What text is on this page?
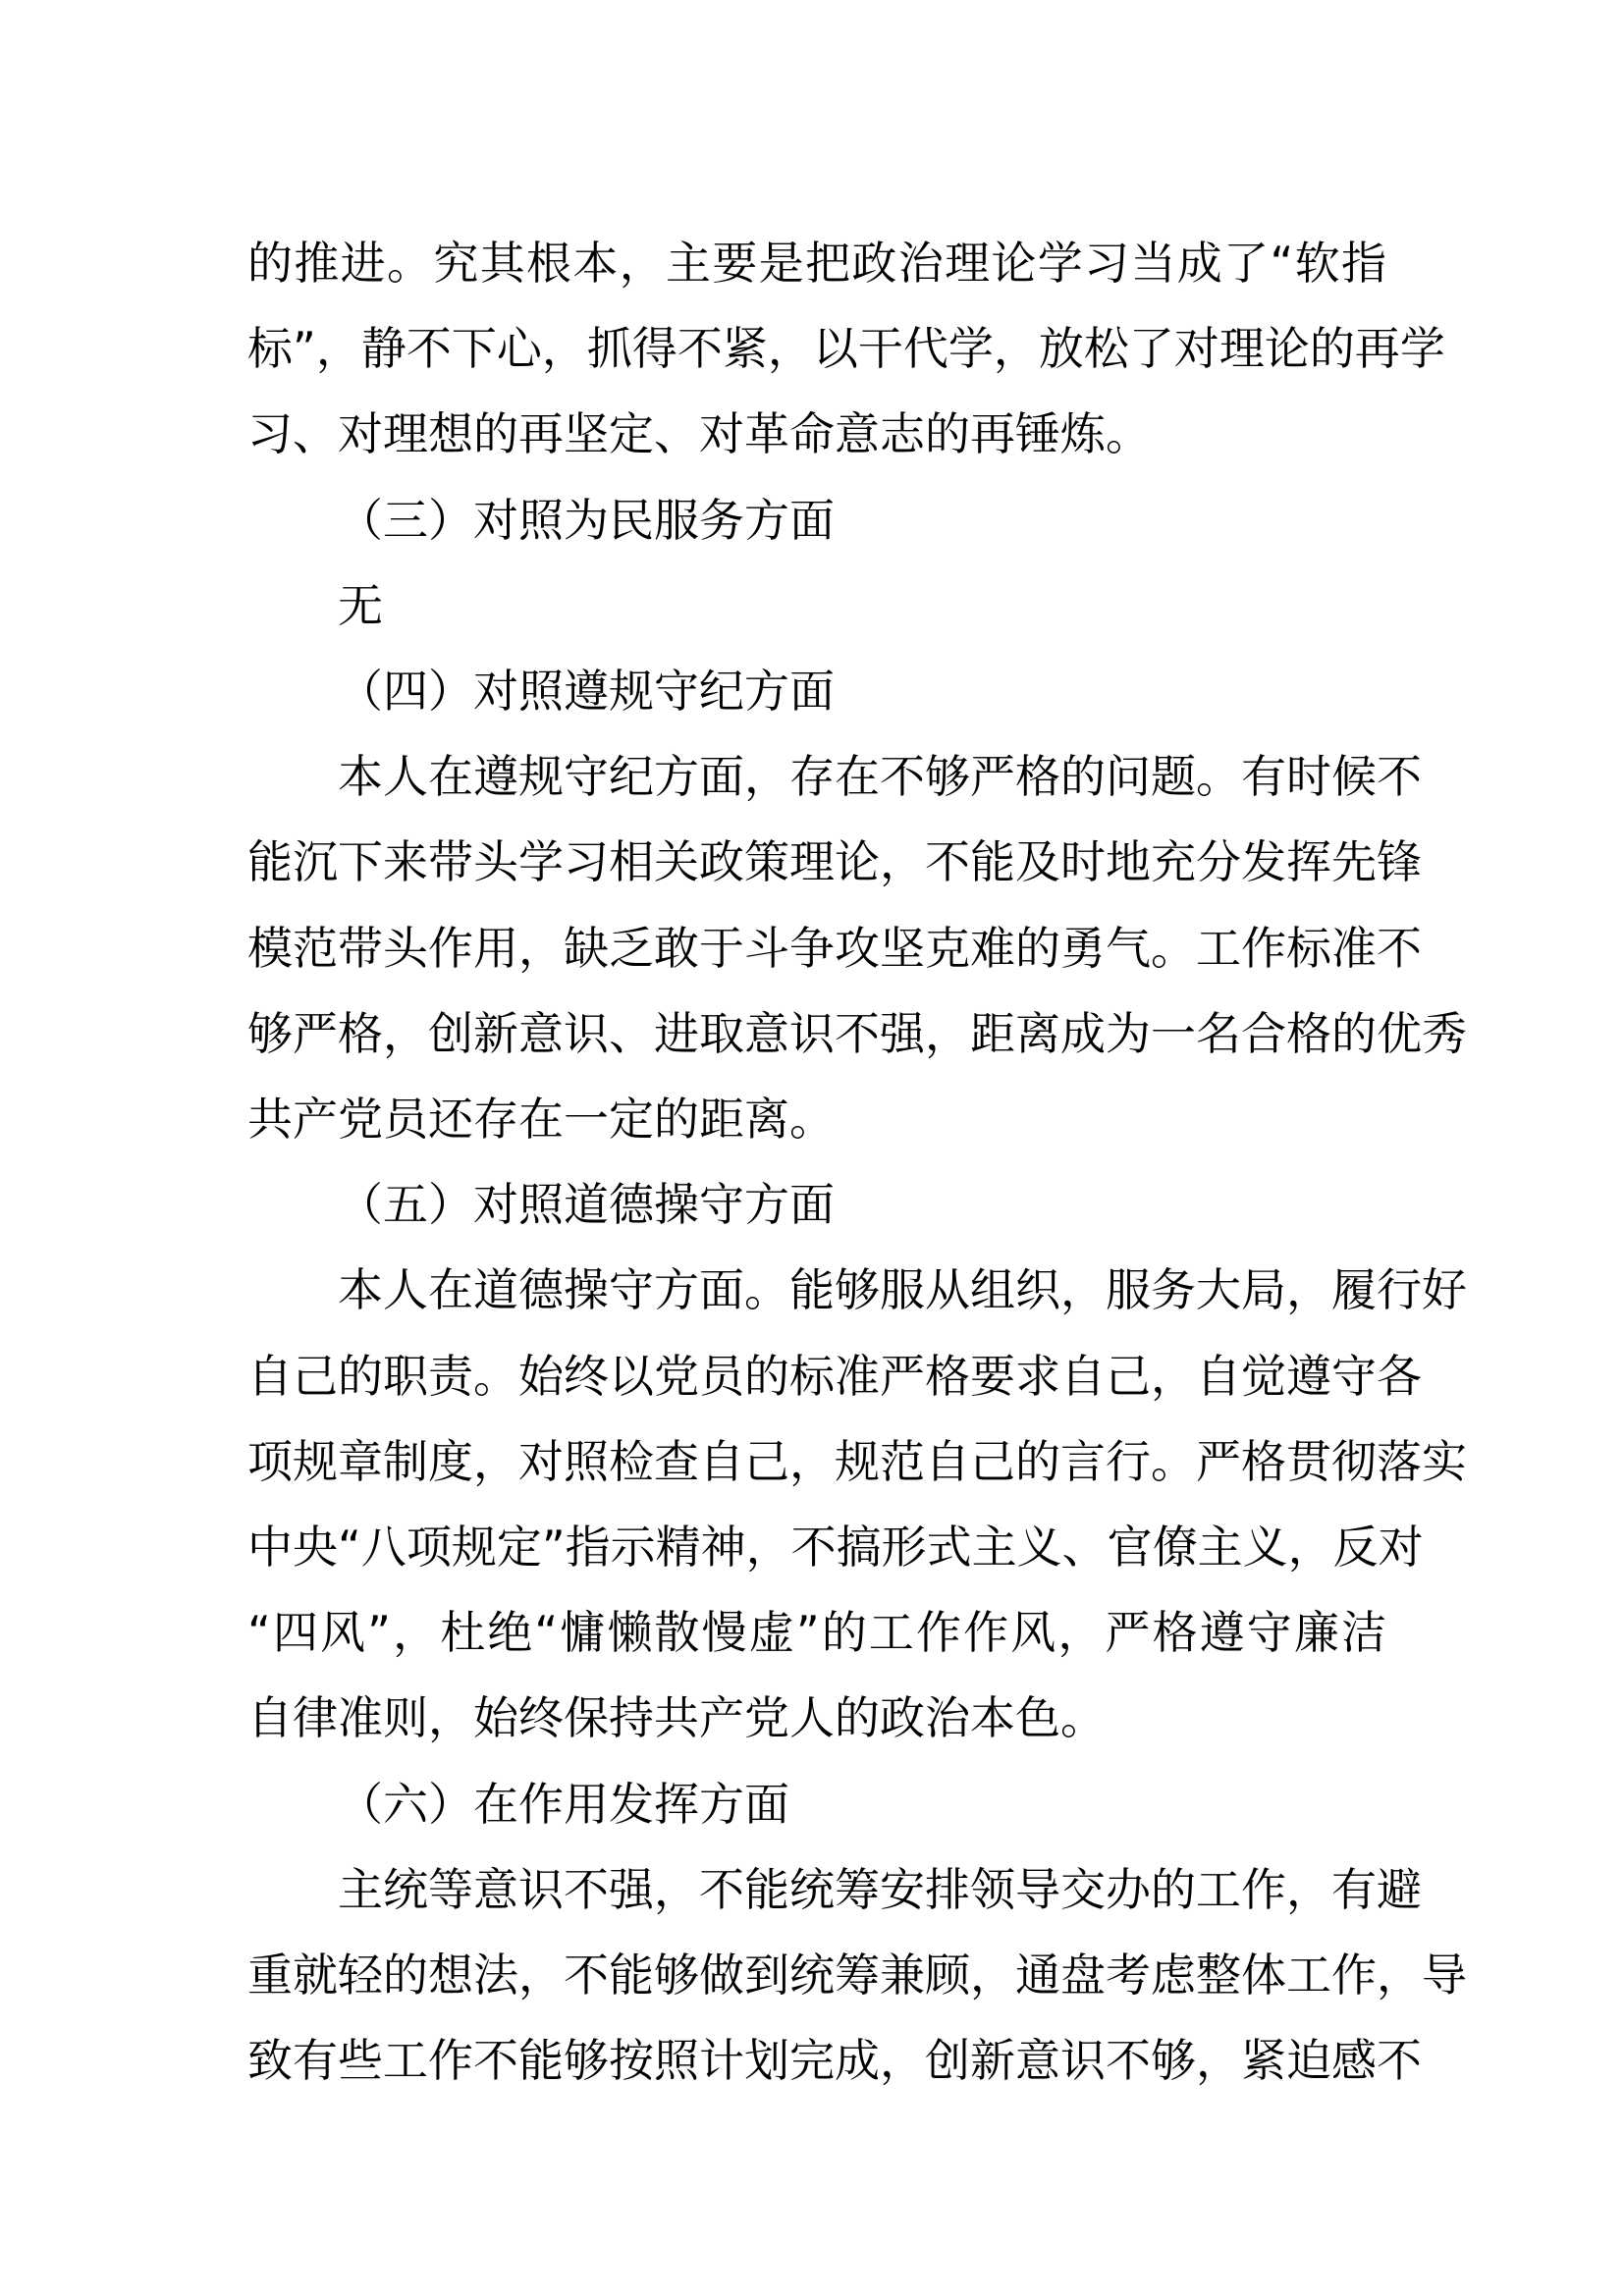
的推进。究其根本，主要是把政治理论学习当成了“软指
标”，静不下心，抓得不紧，以干代学，放松了对理论的再学
习、对理想的再坚定、对革命意志的再锤炼。
（三）对照为民服务方面
无
（四）对照遵规守纪方面
本人在遵规守纪方面，存在不够严格的问题。有时候不
能沉下来带头学习相关政策理论，不能及时地充分发挥先锋
模范带头作用，缺乏敢于斗争攻坚克难的勇气。工作标准不
够严格，创新意识、进取意识不强，距离成为一名合格的优秀
共产党员还存在一定的距离。
（五）对照道德操守方面
本人在道德操守方面。能够服从组织，服务大局，履行好
自己的职责。始终以党员的标准严格要求自己，自觉遵守各
项规章制度，对照检查自己，规范自己的言行。严格贯彻落实
中央“八项规定”指示精神，不搞形式主义、官僚主义，反对
“四风”，杜绝“慵懒散慢虚”的工作作风，严格遵守廉洁
自律准则，始终保持共产党人的政治本色。
（六）在作用发挥方面
主统等意识不强，不能统筹安排领导交办的工作，有避
重就轻的想法，不能够做到统筹兼顾，通盘考虑整体工作，导
致有些工作不能够按照计划完成，创新意识不够，紧迫感不
